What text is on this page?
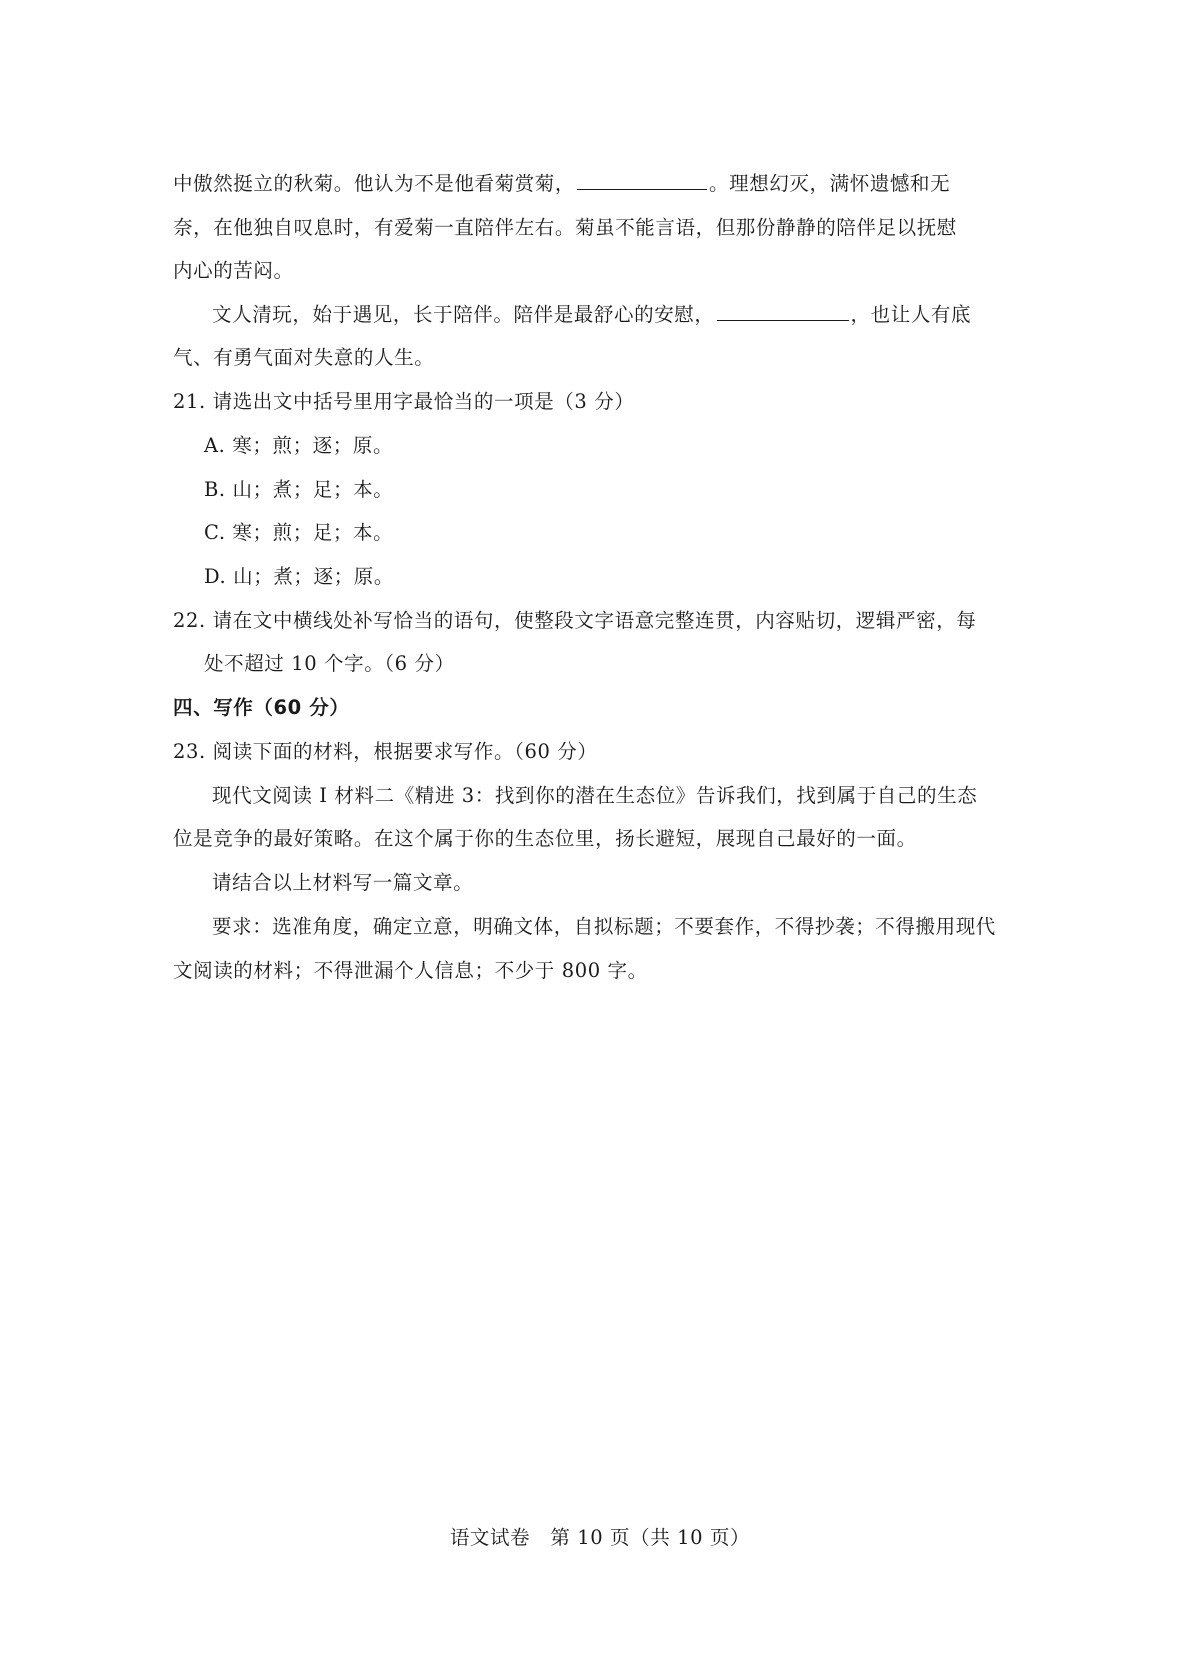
中傲然挺立的秋菊。他认为不是他看菊赏菊，	。理想幻灭，满怀遗憾和无
奈，在他独自叹息时，有爱菊一直陪伴左右。菊虽不能言语，但那份静静的陪伴足以抚慰
内心的苦闷。
文人清玩，始于遇见，长于陪伴。陪伴是最舒心的安慰，	，也让人有底
气、有勇气面对失意的人生。
21. 请选出文中括号里用字最恰当的一项是（3 分）
A. 寒；煎；逐；原。
B. 山；煮；足；本。
C. 寒；煎；足；本。
D. 山；煮；逐；原。
22. 请在文中横线处补写恰当的语句，使整段文字语意完整连贯，内容贴切，逻辑严密，每
处不超过 10 个字。（6 分）
四、写作（60 分）
23. 阅读下面的材料，根据要求写作。（60 分）
现代文阅读 I 材料二《精进 3：找到你的潜在生态位》告诉我们，找到属于自己的生态
位是竞争的最好策略。在这个属于你的生态位里，扬长避短，展现自己最好的一面。
请结合以上材料写一篇文章。
要求：选准角度，确定立意，明确文体，自拟标题；不要套作，不得抄袭；不得搬用现代
文阅读的材料；不得泄漏个人信息；不少于 800 字。
语文试卷　第 10 页（共 10 页）
